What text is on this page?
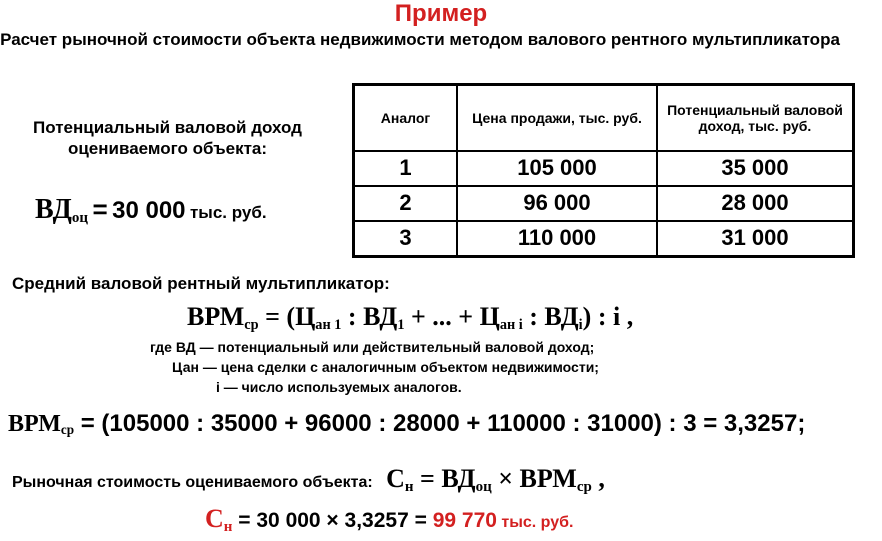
Пример
Расчет рыночной стоимости объекта недвижимости методом валового рентного мультипликатора
Потенциальный валовой доход оцениваемого объекта:
$ВД_{оц} = 30$ 000 тыс. руб.
Аналог	Цена продажи, тыс. руб.	Потенциальный валовой доход, тыс. руб.
1	105 000	35 000
2	96 000	28 000
3	110 000	31 000
Средний валовой рентный мультипликатор:
$ВРМ_{ср} = (Ц_{ан 1}$ : $ВД_1$ + ... + $Ц_{ан i}$ : $ВД_i$) : i ,
где ВД — потенциальный или действительный валовой доход;
Цан — цена сделки с аналогичным объектом недвижимости;
i — число используемых аналогов.
$ВРМ_{ср} = (105000$ : 35000 + 96000 : 28000 + 110000 : 31000) : 3 = 3,3257;
Рыночная стоимость оцениваемого объекта: $С_н = ВД_{оц} \times ВРМ_{ср}$ ,
$С_н = 30$ 000 × 3,3257 = 99 770 тыс. руб.
